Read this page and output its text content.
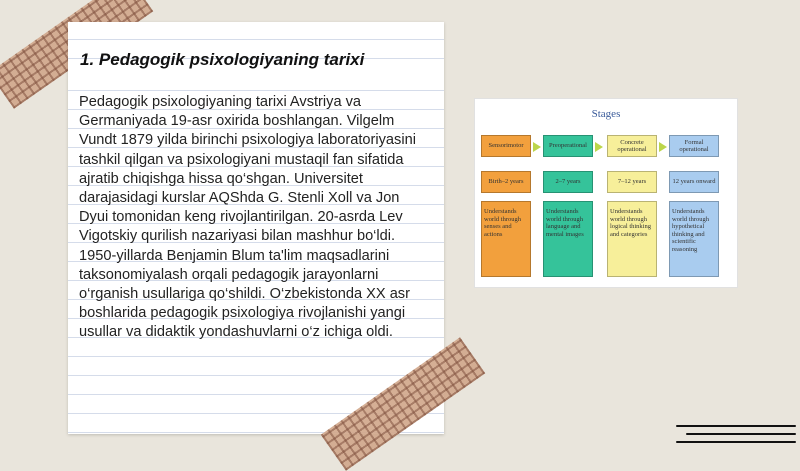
1. Pedagogik psixologiyaning tarixi

Pedagogik psixologiyaning tarixi Avstriya va Germaniyada 19-asr oxirida boshlangan. Vilgelm Vundt 1879 yilda birinchi psixologiya laboratoriyasini tashkil qilgan va psixologiyani mustaqil fan sifatida ajratib chiqishga hissa qo‘shgan. Universitet darajasidagi kurslar AQShda G. Stenli Xoll va Jon Dyui tomonidan keng rivojlantirilgan. 20-asrda Lev Vigotskiy qurilish nazariyasi bilan mashhur bo‘ldi. 1950-yillarda Benjamin Blum ta'lim maqsadlarini taksonomiyalash orqali pedagogik jarayonlarni o‘rganish usullariga qo‘shildi. O‘zbekistonda XX asr boshlarida pedagogik psixologiya rivojlanishi yangi usullar va didaktik yondashuvlarni o‘z ichiga oldi.

Stages
Sensorimotor
Birth–2 years
Understands world through senses and actions
Preoperational
2–7 years
Understands world through language and mental images
Concrete operational
7–12 years
Understands world through logical thinking and categories
Formal operational
12 years onward
Understands world through hypothetical thinking and scientific reasoning
